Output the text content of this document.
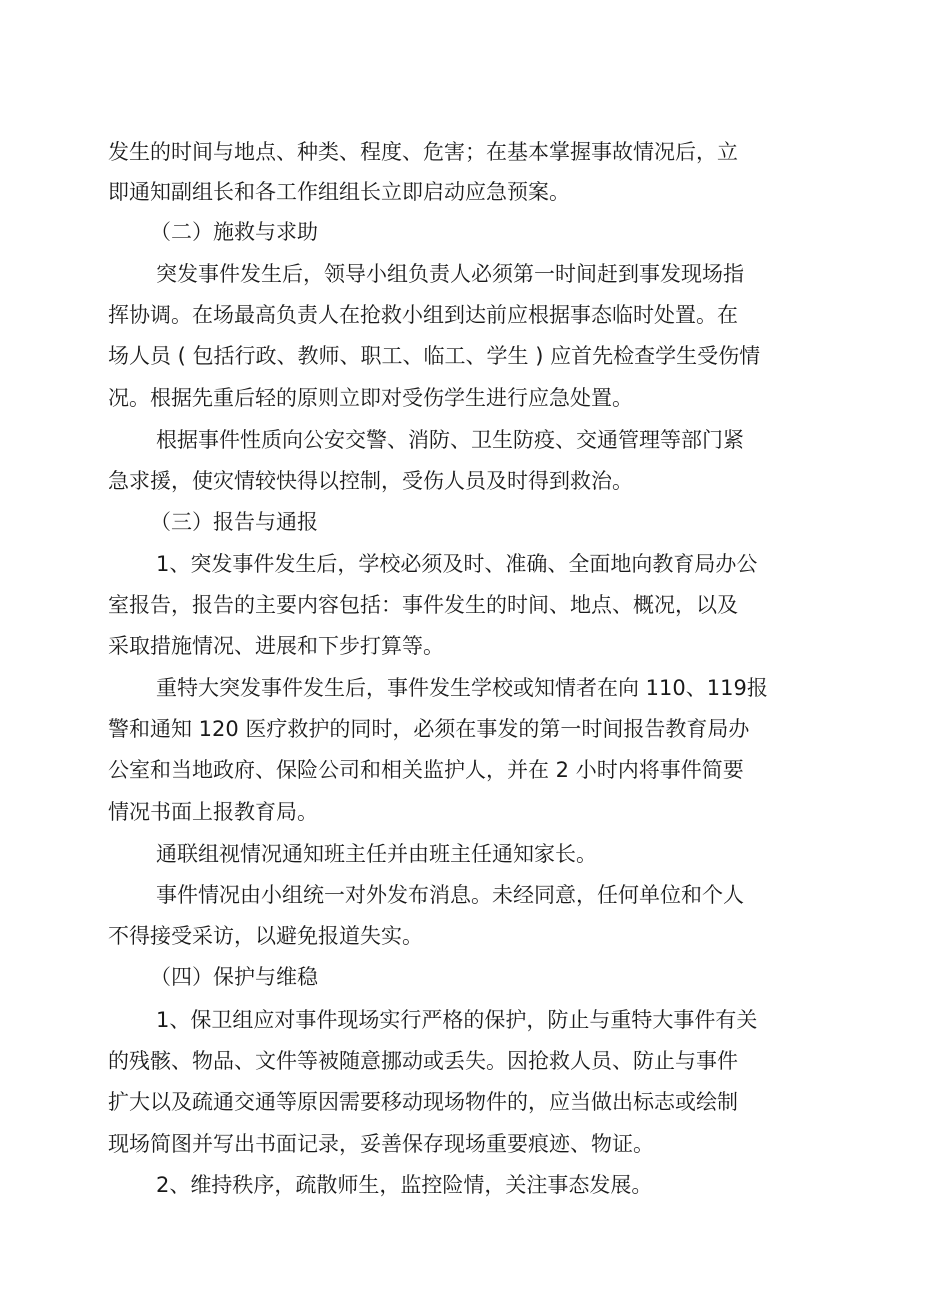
发生的时间与地点、种类、程度、危害；在基本掌握事故情况后，立
即通知副组长和各工作组组长立即启动应急预案。
（二）施救与求助
突发事件发生后，领导小组负责人必须第一时间赶到事发现场指
挥协调。在场最高负责人在抢救小组到达前应根据事态临时处置。在
场人员 ( 包括行政、教师、职工、临工、学生 ) 应首先检查学生受伤情
况。根据先重后轻的原则立即对受伤学生进行应急处置。
根据事件性质向公安交警、消防、卫生防疫、交通管理等部门紧
急求援，使灾情较快得以控制，受伤人员及时得到救治。
（三）报告与通报
1、突发事件发生后，学校必须及时、准确、全面地向教育局办公
室报告，报告的主要内容包括：事件发生的时间、地点、概况，以及
采取措施情况、进展和下步打算等。
重特大突发事件发生后，事件发生学校或知情者在向 110、119报
警和通知 120 医疗救护的同时，必须在事发的第一时间报告教育局办
公室和当地政府、保险公司和相关监护人，并在 2 小时内将事件简要
情况书面上报教育局。
通联组视情况通知班主任并由班主任通知家长。
事件情况由小组统一对外发布消息。未经同意，任何单位和个人
不得接受采访，以避免报道失实。
（四）保护与维稳
1、保卫组应对事件现场实行严格的保护，防止与重特大事件有关
的残骸、物品、文件等被随意挪动或丢失。因抢救人员、防止与事件
扩大以及疏通交通等原因需要移动现场物件的，应当做出标志或绘制
现场简图并写出书面记录，妥善保存现场重要痕迹、物证。
2、维持秩序，疏散师生，监控险情，关注事态发展。
